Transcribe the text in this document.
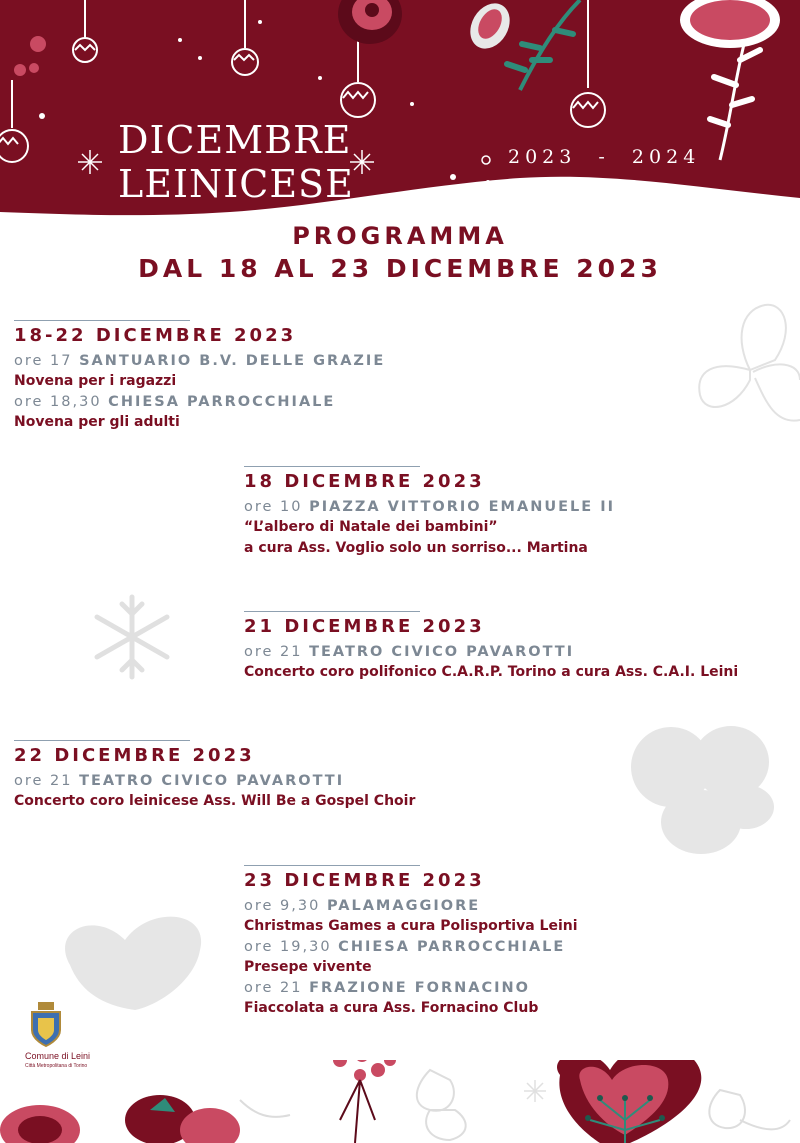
DICEMBRE
LEINICESE
2023  -  2024
PROGRAMMA
DAL 18 AL 23 DICEMBRE 2023
18-22 DICEMBRE 2023
ore 17 SANTUARIO B.V. DELLE GRAZIE
Novena per i ragazzi
ore 18,30 CHIESA PARROCCHIALE
Novena per gli adulti
18 DICEMBRE 2023
ore 10 PIAZZA VITTORIO EMANUELE II
“L’albero di Natale dei bambini”
a cura Ass. Voglio solo un sorriso... Martina
21 DICEMBRE 2023
ore 21 TEATRO CIVICO PAVAROTTI
Concerto coro polifonico C.A.R.P. Torino a cura Ass. C.A.I. Leini
22 DICEMBRE 2023
ore 21 TEATRO CIVICO PAVAROTTI
Concerto coro leinicese Ass. Will Be a Gospel Choir
23 DICEMBRE 2023
ore 9,30 PALAMAGGIORE
Christmas Games a cura Polisportiva Leini
ore 19,30 CHIESA PARROCCHIALE
Presepe vivente
ore 21 FRAZIONE FORNACINO
Fiaccolata a cura Ass. Fornacino Club
Comune di Leini
Città Metropolitana di Torino
